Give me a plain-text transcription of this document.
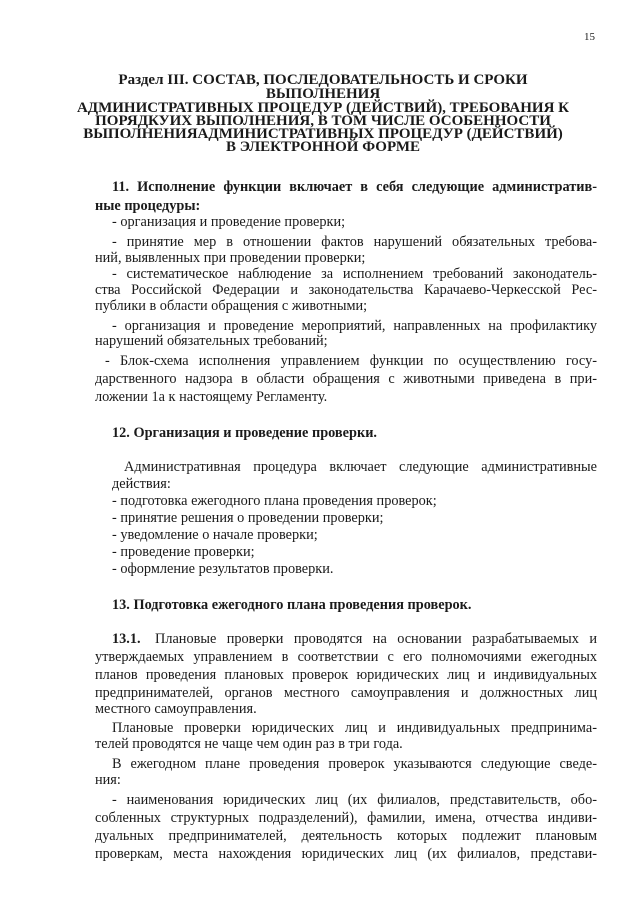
15
Раздел III. СОСТАВ, ПОСЛЕДОВАТЕЛЬНОСТЬ И СРОКИ
ВЫПОЛНЕНИЯ
АДМИНИСТРАТИВНЫХ ПРОЦЕДУР (ДЕЙСТВИЙ), ТРЕБОВАНИЯ К
ПОРЯДКУИХ ВЫПОЛНЕНИЯ, В ТОМ ЧИСЛЕ ОСОБЕННОСТИ
ВЫПОЛНЕНИЯАДМИНИСТРАТИВНЫХ ПРОЦЕДУР (ДЕЙСТВИЙ)
В ЭЛЕКТРОННОЙ ФОРМЕ
11. Исполнение функции включает в себя следующие административ-
ные процедуры:
- организация и проведение проверки;
- принятие мер в отношении фактов нарушений обязательных требова-
ний, выявленных при проведении проверки;
- систематическое наблюдение за исполнением требований законодатель-
ства Российской Федерации и законодательства Карачаево-Черкесской Рес-
публики в области обращения с животными;
- организация и проведение мероприятий, направленных на профилактику
нарушений обязательных требований;
- Блок-схема исполнения управлением функции по осуществлению госу-
дарственного надзора в области обращения с животными приведена в при-
ложении 1а к настоящему Регламенту.
12. Организация и проведение проверки.
Административная процедура включает следующие административные
действия:
- подготовка ежегодного плана проведения проверок;
- принятие решения о проведении проверки;
- уведомление о начале проверки;
- проведение проверки;
- оформление результатов проверки.
13. Подготовка ежегодного плана проведения проверок.
13.1. Плановые проверки проводятся на основании разрабатываемых и
утверждаемых управлением в соответствии с его полномочиями ежегодных
планов проведения плановых проверок юридических лиц и индивидуальных
предпринимателей, органов местного самоуправления и должностных лиц
местного самоуправления.
Плановые проверки юридических лиц и индивидуальных предпринима-
телей проводятся не чаще чем один раз в три года.
В ежегодном плане проведения проверок указываются следующие сведе-
ния:
- наименования юридических лиц (их филиалов, представительств, обо-
собленных структурных подразделений), фамилии, имена, отчества индиви-
дуальных предпринимателей, деятельность которых подлежит плановым
проверкам, места нахождения юридических лиц (их филиалов, представи-
